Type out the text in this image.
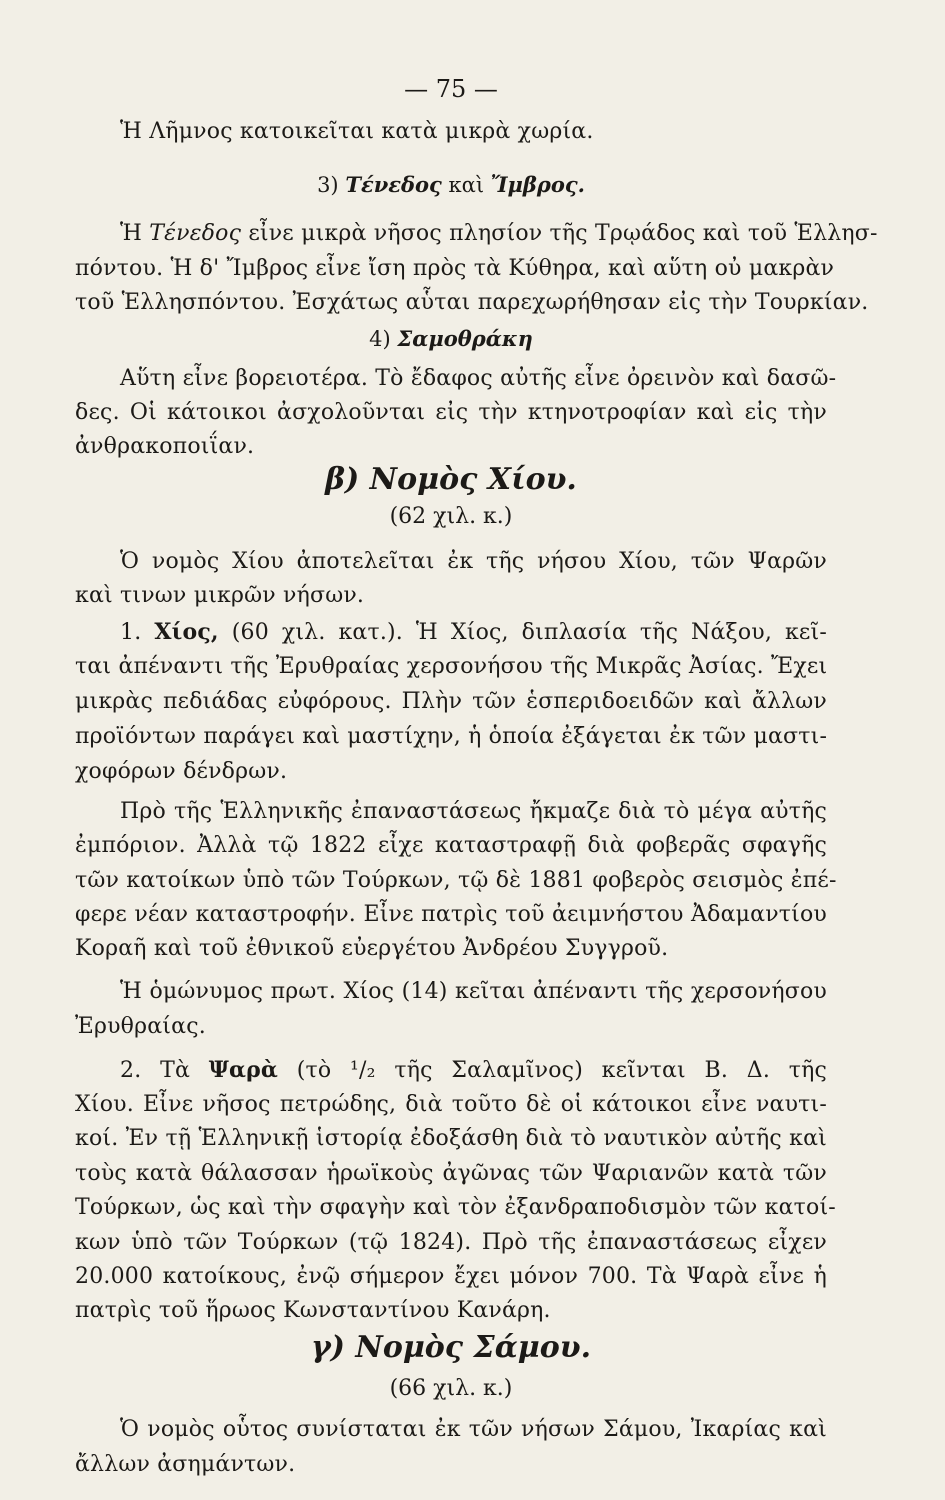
— 75 —
Ἡ Λῆμνος κατοικεῖται κατὰ μικρὰ χωρία.
3) Τένεδος καὶ Ἴμβρος.
Ἡ Τένεδος εἶνε μικρὰ νῆσος πλησίον τῆς Τρῳάδος καὶ τοῦ Ἑλλησ-
πόντου. Ἡ δ' Ἴμβρος εἶνε ἴση πρὸς τὰ Κύθηρα, καὶ αὕτη οὐ μακρὰν
τοῦ Ἑλλησπόντου. Ἐσχάτως αὗται παρεχωρήθησαν εἰς τὴν Τουρκίαν.
4) Σαμοθράκη
Αὕτη εἶνε βορειοτέρα. Τὸ ἔδαφος αὐτῆς εἶνε ὀρεινὸν καὶ δασῶ-
δες. Οἱ κάτοικοι ἀσχολοῦνται εἰς τὴν κτηνοτροφίαν καὶ εἰς τὴν
ἀνθρακοποιΐαν.
β) Νομὸς Χίου.
(62 χιλ. κ.)
Ὁ νομὸς Χίου ἀποτελεῖται ἐκ τῆς νήσου Χίου, τῶν Ψαρῶν
καὶ τινων μικρῶν νήσων.
1. Χίος, (60 χιλ. κατ.). Ἡ Χίος, διπλασία τῆς Νάξου, κεῖ-
ται ἀπέναντι τῆς Ἐρυθραίας χερσονήσου τῆς Μικρᾶς Ἀσίας. Ἔχει
μικρὰς πεδιάδας εὐφόρους. Πλὴν τῶν ἑσπεριδοειδῶν καὶ ἄλλων
προϊόντων παράγει καὶ μαστίχην, ἡ ὁποία ἐξάγεται ἐκ τῶν μαστι-
χοφόρων δένδρων.
Πρὸ τῆς Ἑλληνικῆς ἐπαναστάσεως ἤκμαζε διὰ τὸ μέγα αὐτῆς
ἐμπόριον. Ἀλλὰ τῷ 1822 εἶχε καταστραφῇ διὰ φοβερᾶς σφαγῆς
τῶν κατοίκων ὑπὸ τῶν Τούρκων, τῷ δὲ 1881 φοβερὸς σεισμὸς ἐπέ-
φερε νέαν καταστροφήν. Εἶνε πατρὶς τοῦ ἀειμνήστου Ἀδαμαντίου
Κοραῆ καὶ τοῦ ἐθνικοῦ εὐεργέτου Ἀνδρέου Συγγροῦ.
Ἡ ὁμώνυμος πρωτ. Χίος (14) κεῖται ἀπέναντι τῆς χερσονήσου
Ἐρυθραίας.
2. Τὰ Ψαρὰ (τὸ ¹/₂ τῆς Σαλαμῖνος) κεῖνται Β. Δ. τῆς
Χίου. Εἶνε νῆσος πετρώδης, διὰ τοῦτο δὲ οἱ κάτοικοι εἶνε ναυτι-
κοί. Ἐν τῇ Ἑλληνικῇ ἱστορίᾳ ἐδοξάσθη διὰ τὸ ναυτικὸν αὐτῆς καὶ
τοὺς κατὰ θάλασσαν ἡρωϊκοὺς ἀγῶνας τῶν Ψαριανῶν κατὰ τῶν
Τούρκων, ὡς καὶ τὴν σφαγὴν καὶ τὸν ἐξανδραποδισμὸν τῶν κατοί-
κων ὑπὸ τῶν Τούρκων (τῷ 1824). Πρὸ τῆς ἐπαναστάσεως εἶχεν
20.000 κατοίκους, ἐνῷ σήμερον ἔχει μόνον 700. Τὰ Ψαρὰ εἶνε ἡ
πατρὶς τοῦ ἥρωος Κωνσταντίνου Κανάρη.
γ) Νομὸς Σάμου.
(66 χιλ. κ.)
Ὁ νομὸς οὗτος συνίσταται ἐκ τῶν νήσων Σάμου, Ἰκαρίας καὶ
ἄλλων ἀσημάντων.
